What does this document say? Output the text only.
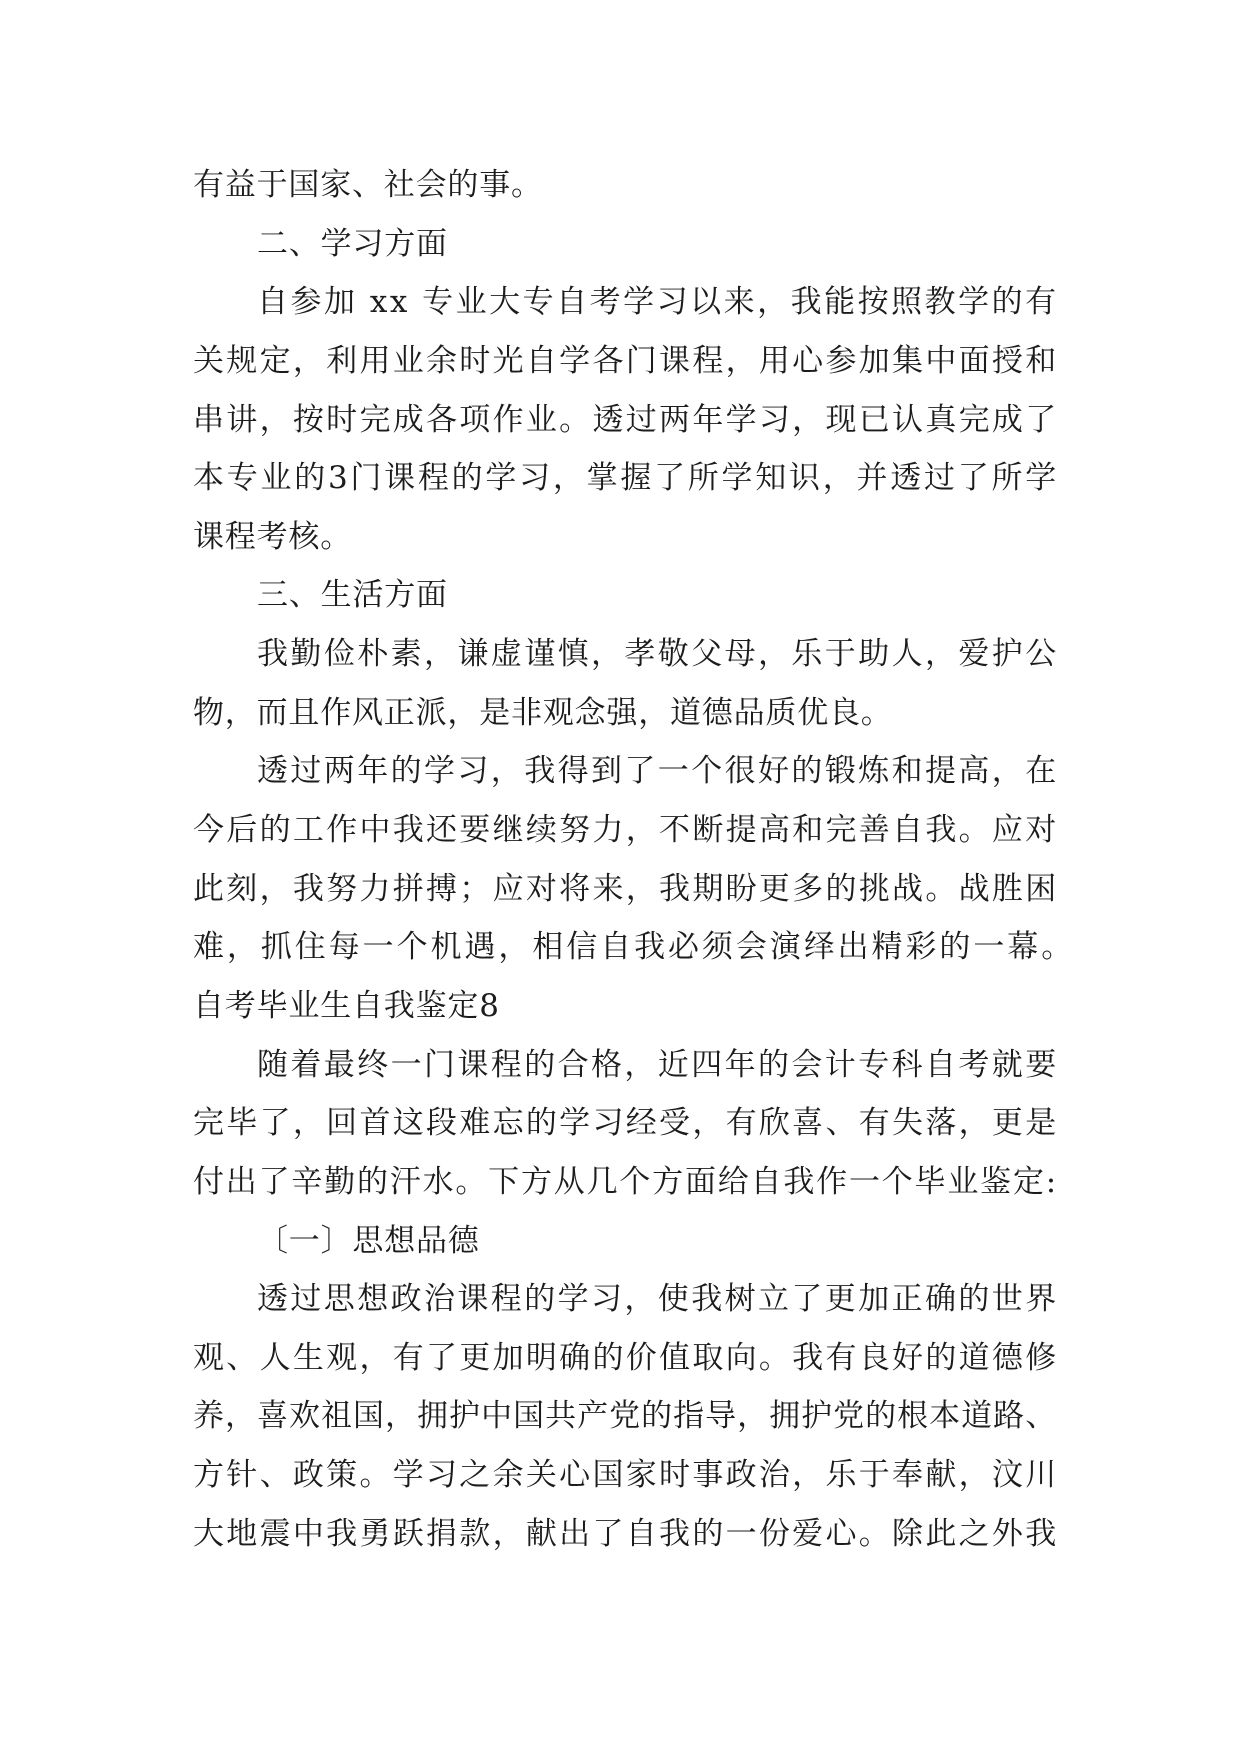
有益于国家、社会的事。
二、学习方面
自参加 xx 专业大专自考学习以来，我能按照教学的有
关规定，利用业余时光自学各门课程，用心参加集中面授和
串讲，按时完成各项作业。透过两年学习，现已认真完成了
本专业的3门课程的学习，掌握了所学知识，并透过了所学
课程考核。
三、生活方面
我勤俭朴素，谦虚谨慎，孝敬父母，乐于助人，爱护公
物，而且作风正派，是非观念强，道德品质优良。
透过两年的学习，我得到了一个很好的锻炼和提高，在
今后的工作中我还要继续努力，不断提高和完善自我。应对
此刻，我努力拼搏；应对将来，我期盼更多的挑战。战胜困
难，抓住每一个机遇，相信自我必须会演绎出精彩的一幕。
自考毕业生自我鉴定8
随着最终一门课程的合格，近四年的会计专科自考就要
完毕了，回首这段难忘的学习经受，有欣喜、有失落，更是
付出了辛勤的汗水。下方从几个方面给自我作一个毕业鉴定:
〔一〕思想品德
透过思想政治课程的学习，使我树立了更加正确的世界
观、人生观，有了更加明确的价值取向。我有良好的道德修
养，喜欢祖国，拥护中国共产党的指导，拥护党的根本道路、
方针、政策。学习之余关心国家时事政治，乐于奉献，汶川
大地震中我勇跃捐款，献出了自我的一份爱心。除此之外我
